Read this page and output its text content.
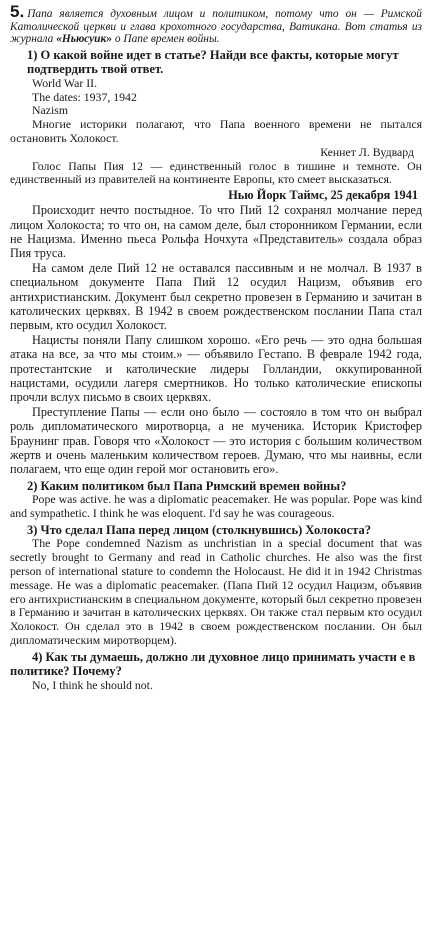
5. Папа является духовным лицом и политиком, потому что он — Римской Католической церкви и глава крохотного государства, Ватикана. Вот статья из журнала «Ньюсуик» о Папе времен войны.

1) О какой войне идет в статье? Найди все факты, которые могут подтвердить твой ответ.

World War II.

The dates: 1937, 1942

Nazism

Многие историки полагают, что Папа военного времени не пытался остановить Холокост.

Кеннет Л. Вудвард

Голос Папы Пия 12 — единственный голос в тишине и темноте. Он единственный из правителей на континенте Европы, кто смеет высказаться.

Нью Йорк Таймс, 25 декабря 1941

Происходит нечто постыдное. То что Пий 12 сохранял молчание перед лицом Холокоста; то что он, на самом деле, был сторонником Германии, если не Нацизма. Именно пьеса Рольфа Ночхута «Представитель» создала образ Пия труса.

На самом деле Пий 12 не оставался пассивным и не молчал. В 1937 в специальном документе Папа Пий 12 осудил Нацизм, объявив его антихристианским. Документ был секретно провезен в Германию и зачитан в католических церквях. В 1942 в своем рождественском послании Папа стал первым, кто осудил Холокост.

Нацисты поняли Папу слишком хорошо. «Его речь — это одна большая атака на все, за что мы стоим.» — объявило Гестапо. В феврале 1942 года, протестантские и католические лидеры Голландии, оккупированной нацистами, осудили лагеря смертников. Но только католические епископы прочли вслух письмо в своих церквях.

Преступление Папы — если оно было — состояло в том что он выбрал роль дипломатического миротворца, а не мученика. Историк Кристофер Браунинг прав. Говоря что «Холокост — это история с большим количеством жертв и очень маленьким количеством героев. Думаю, что мы наивны, если полагаем, что еще один герой мог остановить его».

2) Каким политиком был Папа Римский времен войны?

Pope was active. he was a diplomatic peacemaker. He was popular. Pope was kind and sympathetic. I think he was eloquent. I'd say he was courageous.

3) Что сделал Папа перед лицом (столкнувшись) Холокоста?

The Pope condemned Nazism as unchristian in a special document that was secretly brought to Germany and read in Catholic churches. He also was the first person of international stature to condemn the Holocaust. He did it in 1942 Christmas message. He was a diplomatic peacemaker. (Папа Пий 12 осудил Нацизм, объявив его антихристианским в специальном документе, который был секретно провезен в Германию и зачитан в католических церквях. Он также стал первым кто осудил Холокост. Он сделал это в 1942 в своем рождественском послании. Он был дипломатическим миротворцем).

4) Как ты думаешь, должно ли духовное лицо принимать участи е в политике? Почему?

No, I think he should not.
